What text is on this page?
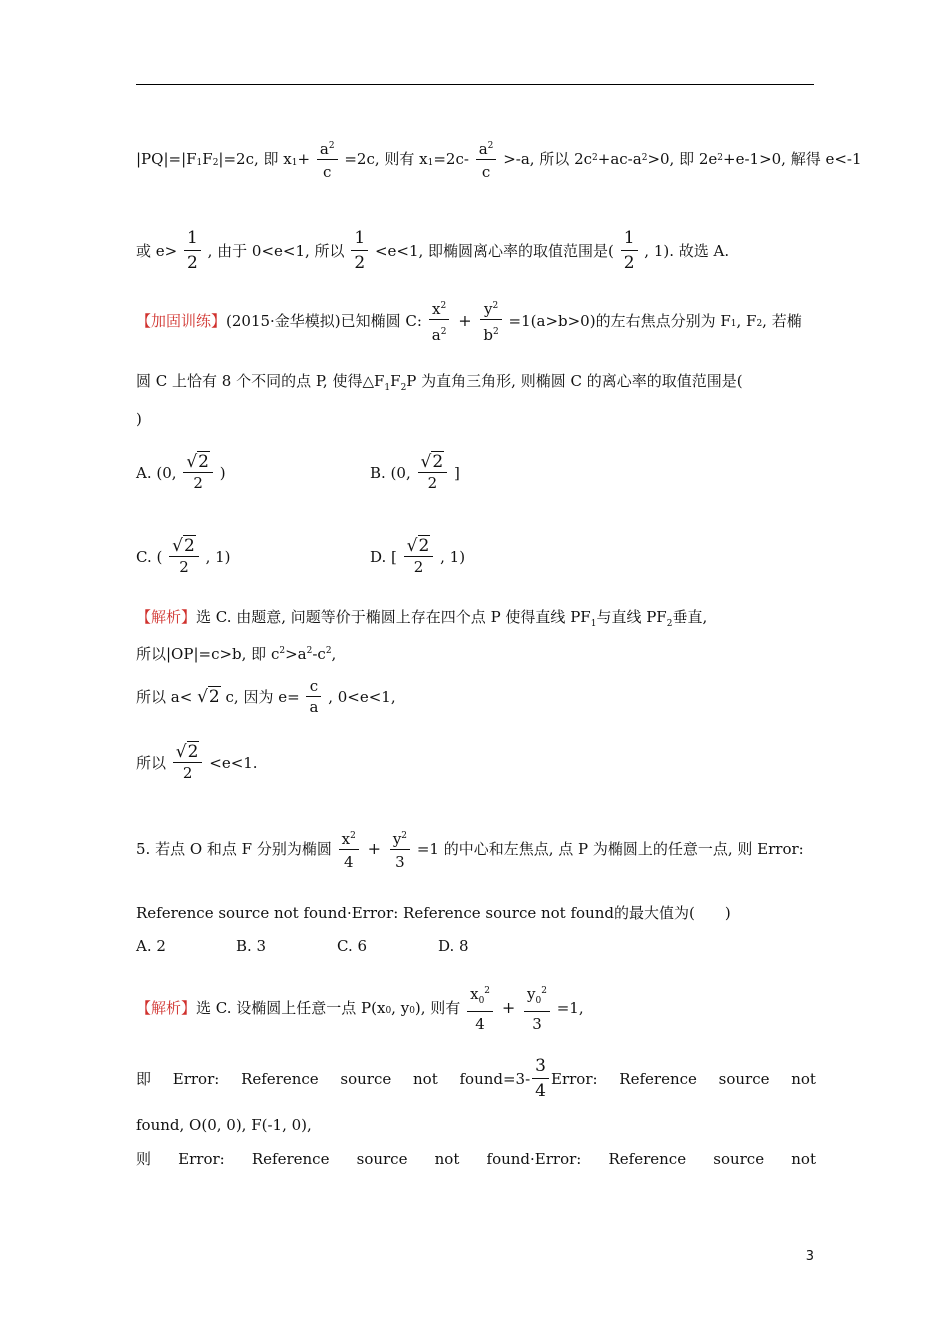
$|PQ|=|F_1F_2|=2c$, 即 $x_1+ \frac{a^2}{c} =2c$, 则有 $x_1=2c- \frac{a^2}{c} >-a$, 所以 $2c^2+ac-a^2>0$, 即 $2e^2+e-1>0$, 解得 e<-1
或 $e> \frac{1}{2}$ , 由于 0<e<1, 所以 $\frac{1}{2} <e<1$, 即椭圆离心率的取值范围是( $\frac{1}{2}$ , 1). 故选 A.
【加固训练】(2015·金华模拟)已知椭圆 C: $\frac{x^2}{a^2} + \frac{y^2}{b^2} =1(a>b>0)$的左右焦点分别为 $F_1$, $F_2$, 若椭
圆 C 上恰有 8 个不同的点 P, 使得$\triangle F_1F_2P$ 为直角三角形, 则椭圆 C 的离心率的取值范围是(
)
A. (0, $\frac{√2}{2}$ )	B. (0, $\frac{√2}{2}$ ]
C. ( $\frac{√2}{2}$ , 1)	D. [ $\frac{√2}{2}$ , 1)
【解析】选 C. 由题意, 问题等价于椭圆上存在四个点 P 使得直线 $PF_1$与直线 $PF_2$垂直,
所以|OP|=c>b, 即 $c^2>a^2-c^2$,
所以 a< √2 c, 因为 $e= \frac{c}{a}$ , 0<e<1,
所以 $\frac{√2}{2} <e<1$.
5. 若点 O 和点 F 分别为椭圆 $\frac{x^2}{4} + \frac{y^2}{3} =1$ 的中心和左焦点, 点 P 为椭圆上的任意一点, 则 Error:
Reference source not found·Error: Reference source not found的最大值为(　　)
A. 2	B. 3	C. 6	D. 8
【解析】选 C. 设椭圆上任意一点 $P(x_0$, $y_0$), 则有 $\frac{x_0^2}{4} + \frac{y_0^2}{3} =1$,
即 Error: Reference source not found=3- $\frac{3}{4}$ Error: Reference source not
found, O(0, 0), F(-1, 0),
则 Error: Reference source not found·Error: Reference source not
3
